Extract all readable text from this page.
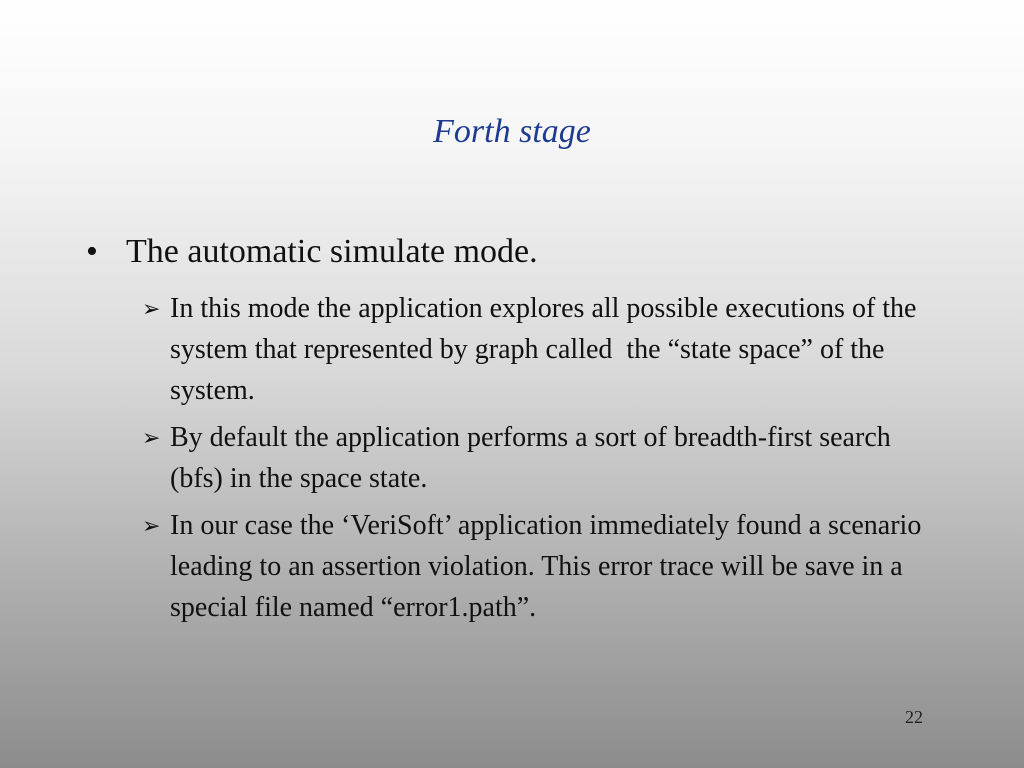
Forth stage
• The automatic simulate mode.
➢ In this mode the application explores all possible executions of the system that represented by graph called  the “state space” of the system.
➢ By default the application performs a sort of breadth-first search (bfs) in the space state.
➢ In our case the ‘VeriSoft’ application immediately found a scenario leading to an assertion violation. This error trace will be save in a special file named “error1.path”.
22
